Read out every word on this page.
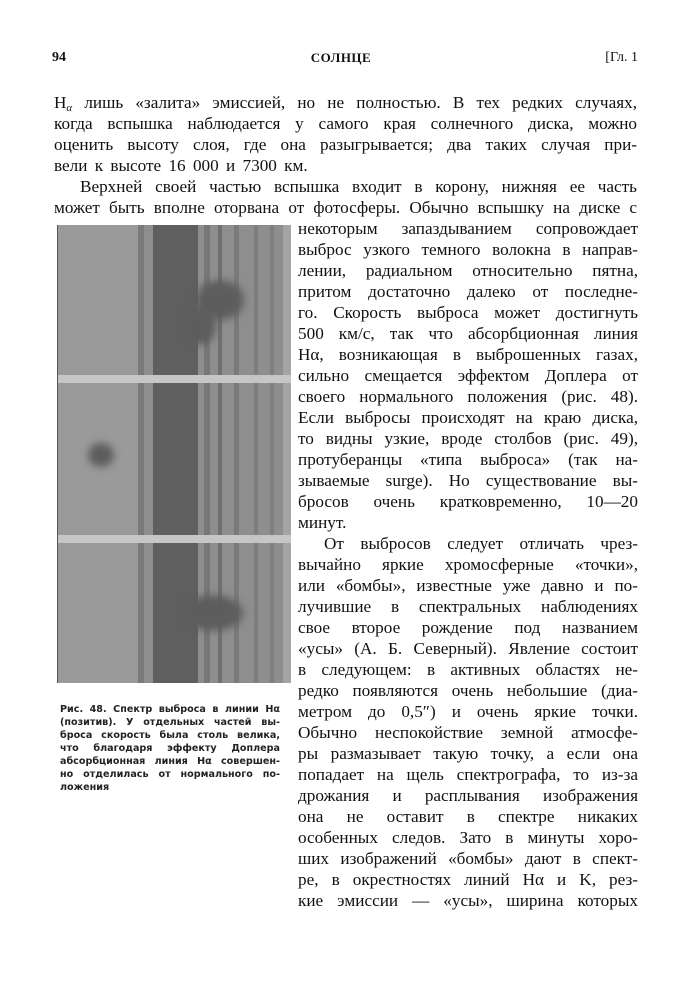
94	СОЛНЦЕ	[Гл. 1
$H_\alpha$ лишь «залита» эмиссией, но не полностью. В тех редких случаях,
когда вспышка наблюдается у самого края солнечного диска, можно
оценить высоту слоя, где она разыгрывается; два таких случая при-
вели к высоте 16 000 и 7300 км.
Верхней своей частью вспышка входит в корону, нижняя ее часть
может быть вполне оторвана от фотосферы. Обычно вспышку на диске с
некоторым запаздыванием сопровождает
выброс узкого темного волокна в направ-
лении, радиальном относительно пятна,
притом достаточно далеко от последне-
го. Скорость выброса может достигнуть
500 км/с, так что абсорбционная линия
Hα, возникающая в выброшенных газах,
сильно смещается эффектом Доплера от
своего нормального положения (рис. 48).
Если выбросы происходят на краю диска,
то видны узкие, вроде столбов (рис. 49),
протуберанцы «типа выброса» (так на-
зываемые surge). Но существование вы-
бросов очень кратковременно, 10—20
минут.
От выбросов следует отличать чрез-
вычайно яркие хромосферные «точки»,
или «бомбы», известные уже давно и по-
лучившие в спектральных наблюдениях
свое второе рождение под названием
«усы» (А. Б. Северный). Явление состоит
в следующем: в активных областях не-
редко появляются очень небольшие (диа-
метром до 0,5″) и очень яркие точки.
Обычно неспокойствие земной атмосфе-
ры размазывает такую точку, а если она
попадает на щель спектрографа, то из-за
дрожания и расплывания изображения
она не оставит в спектре никаких
особенных следов. Зато в минуты хоро-
ших изображений «бомбы» дают в спект-
ре, в окрестностях линий Hα и K, рез-
кие эмиссии — «усы», ширина которых
Рис. 48. Спектр выброса в линии Hα
(позитив). У отдельных частей вы-
броса скорость была столь велика,
что благодаря эффекту Доплера
абсорбционная линия Hα совершен-
но отделилась от нормального по-
ложения
